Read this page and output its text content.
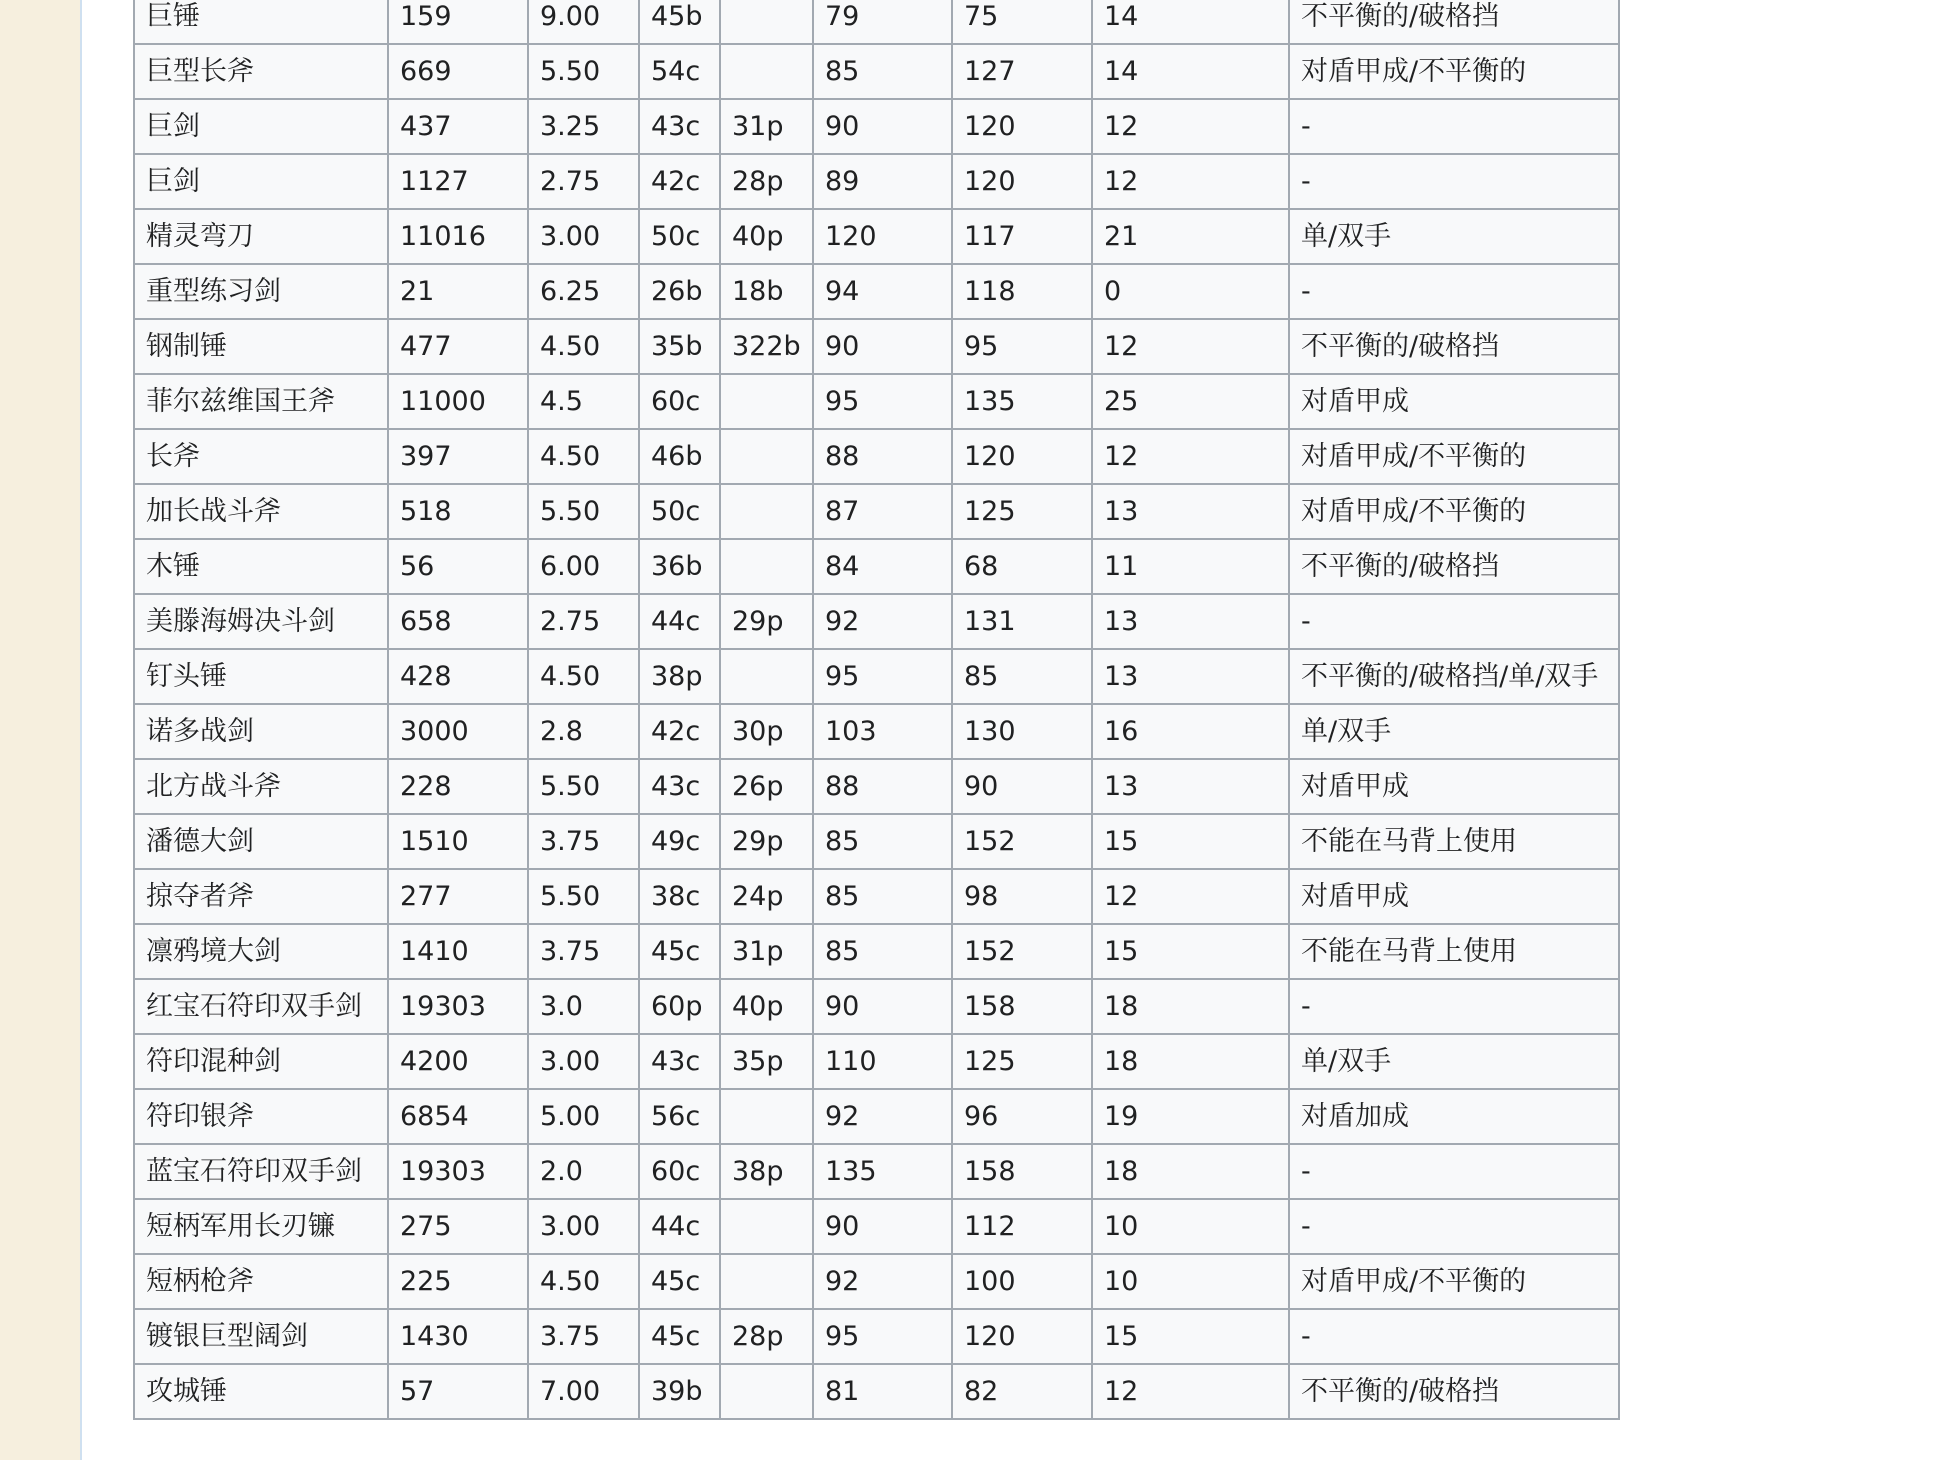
巨锤	159	9.00	45b		79	75	14	不平衡的/破格挡
巨型长斧	669	5.50	54c		85	127	14	对盾甲成/不平衡的
巨剑	437	3.25	43c	31p	90	120	12	-
巨剑	1127	2.75	42c	28p	89	120	12	-
精灵弯刀	11016	3.00	50c	40p	120	117	21	单/双手
重型练习剑	21	6.25	26b	18b	94	118	0	-
钢制锤	477	4.50	35b	322b	90	95	12	不平衡的/破格挡
菲尔兹维国王斧	11000	4.5	60c		95	135	25	对盾甲成
长斧	397	4.50	46b		88	120	12	对盾甲成/不平衡的
加长战斗斧	518	5.50	50c		87	125	13	对盾甲成/不平衡的
木锤	56	6.00	36b		84	68	11	不平衡的/破格挡
美滕海姆决斗剑	658	2.75	44c	29p	92	131	13	-
钉头锤	428	4.50	38p		95	85	13	不平衡的/破格挡/单/双手
诺多战剑	3000	2.8	42c	30p	103	130	16	单/双手
北方战斗斧	228	5.50	43c	26p	88	90	13	对盾甲成
潘德大剑	1510	3.75	49c	29p	85	152	15	不能在马背上使用
掠夺者斧	277	5.50	38c	24p	85	98	12	对盾甲成
凛鸦境大剑	1410	3.75	45c	31p	85	152	15	不能在马背上使用
红宝石符印双手剑	19303	3.0	60p	40p	90	158	18	-
符印混种剑	4200	3.00	43c	35p	110	125	18	单/双手
符印银斧	6854	5.00	56c		92	96	19	对盾加成
蓝宝石符印双手剑	19303	2.0	60c	38p	135	158	18	-
短柄军用长刃镰	275	3.00	44c		90	112	10	-
短柄枪斧	225	4.50	45c		92	100	10	对盾甲成/不平衡的
镀银巨型阔剑	1430	3.75	45c	28p	95	120	15	-
攻城锤	57	7.00	39b		81	82	12	不平衡的/破格挡
